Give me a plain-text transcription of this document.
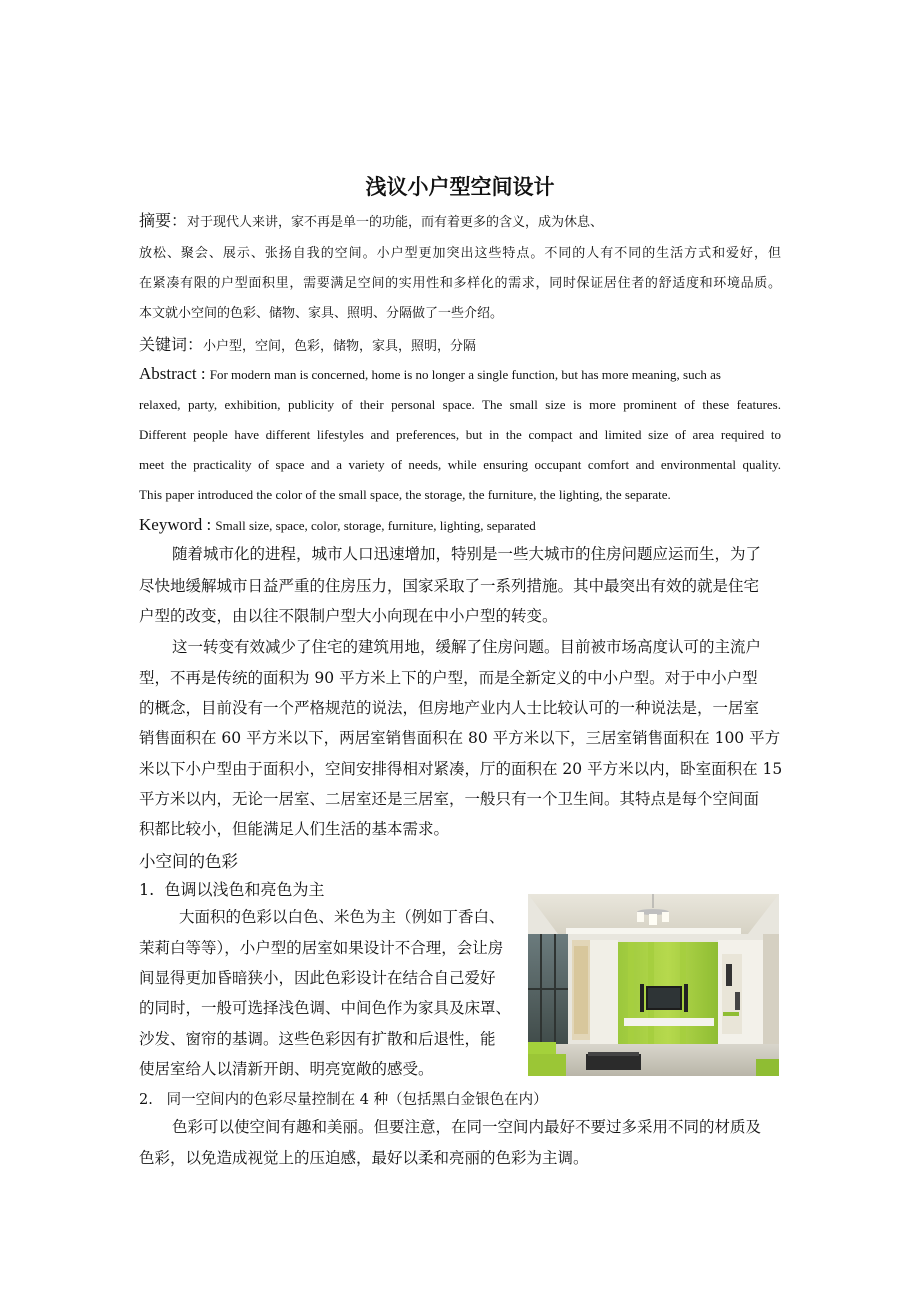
浅议小户型空间设计
摘要：对于现代人来讲，家不再是单一的功能，而有着更多的含义，成为休息、
放松、聚会、展示、张扬自我的空间。小户型更加突出这些特点。不同的人有不同的生活方式和爱好，但
在紧凑有限的户型面积里，需要满足空间的实用性和多样化的需求，同时保证居住者的舒适度和环境品质。
本文就小空间的色彩、储物、家具、照明、分隔做了一些介绍。
关键词：小户型，空间，色彩，储物，家具，照明，分隔
Abstract : For modern man is concerned, home is no longer a single function, but has more meaning, such as
relaxed, party, exhibition, publicity of their personal space. The small size is more prominent of these features.
Different people have different lifestyles and preferences, but in the compact and limited size of area required to
meet the practicality of space and a variety of needs, while ensuring occupant comfort and environmental quality.
This paper introduced the color of the small space, the storage, the furniture, the lighting, the separate.
Keyword : Small size, space, color, storage, furniture, lighting, separated
随着城市化的进程，城市人口迅速增加，特别是一些大城市的住房问题应运而生，为了
尽快地缓解城市日益严重的住房压力，国家采取了一系列措施。其中最突出有效的就是住宅
户型的改变，由以往不限制户型大小向现在中小户型的转变。
这一转变有效减少了住宅的建筑用地，缓解了住房问题。目前被市场高度认可的主流户
型，不再是传统的面积为 90 平方米上下的户型，而是全新定义的中小户型。对于中小户型
的概念，目前没有一个严格规范的说法，但房地产业内人士比较认可的一种说法是，一居室
销售面积在 60 平方米以下，两居室销售面积在 80 平方米以下，三居室销售面积在 100 平方
米以下小户型由于面积小，空间安排得相对紧凑，厅的面积在 20 平方米以内，卧室面积在 15
平方米以内，无论一居室、二居室还是三居室，一般只有一个卫生间。其特点是每个空间面
积都比较小，但能满足人们生活的基本需求。
小空间的色彩
1. 色调以浅色和亮色为主
大面积的色彩以白色、米色为主（例如丁香白、
茉莉白等等），小户型的居室如果设计不合理，会让房
间显得更加昏暗狭小，因此色彩设计在结合自己爱好
的同时，一般可选择浅色调、中间色作为家具及床罩、
沙发、窗帘的基调。这些色彩因有扩散和后退性，能
使居室给人以清新开朗、明亮宽敞的感受。
2. 同一空间内的色彩尽量控制在 4 种（包括黑白金银色在内）
色彩可以使空间有趣和美丽。但要注意，在同一空间内最好不要过多采用不同的材质及
色彩，以免造成视觉上的压迫感，最好以柔和亮丽的色彩为主调。
